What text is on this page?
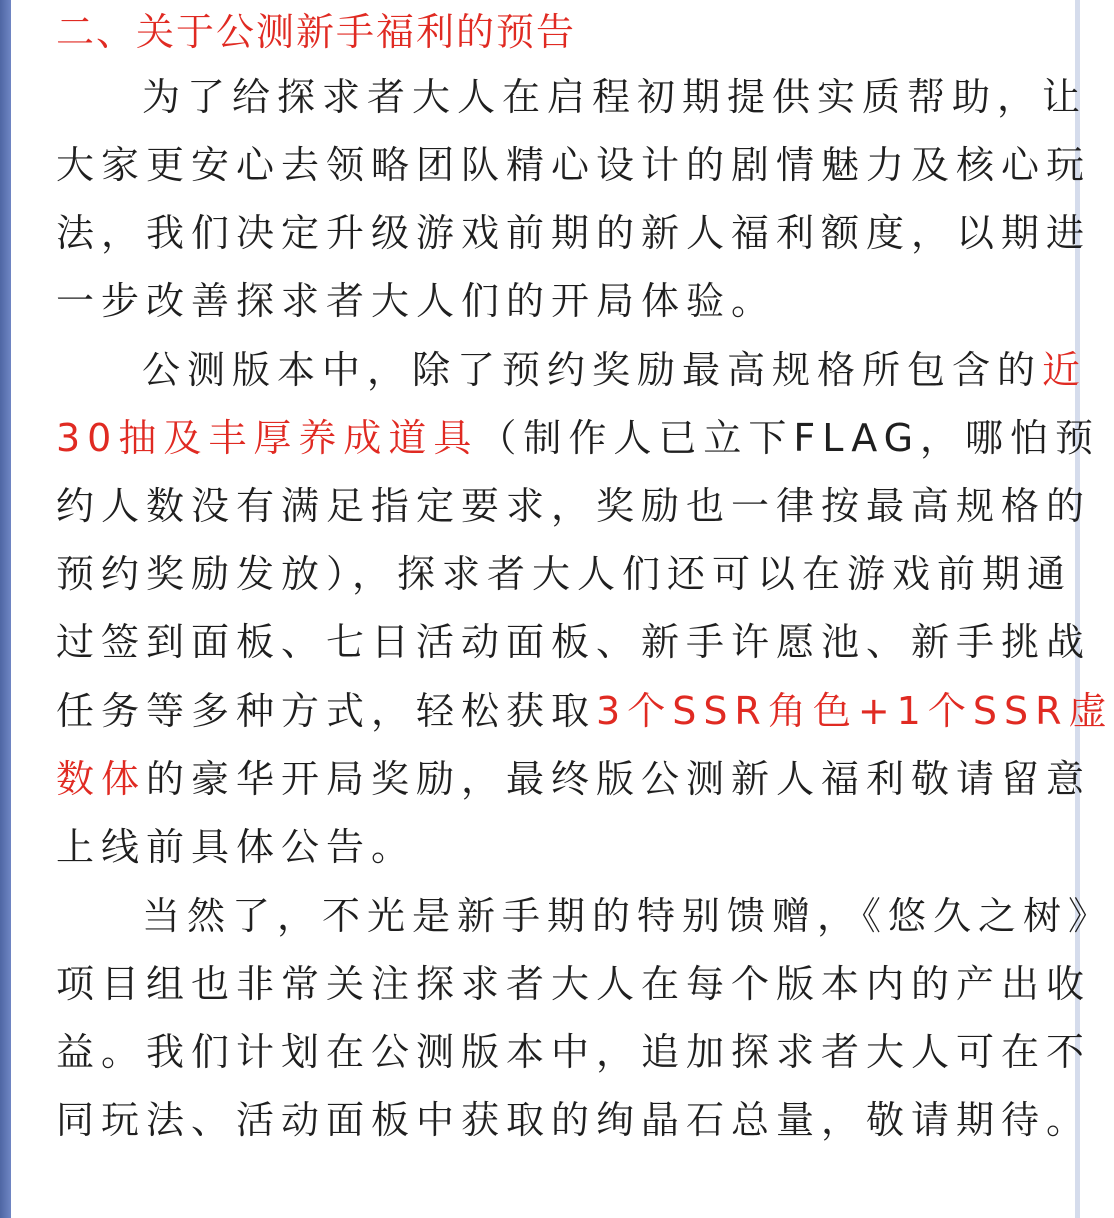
二、关于公测新手福利的预告
为了给探求者大人在启程初期提供实质帮助，让
大家更安心去领略团队精心设计的剧情魅力及核心玩
法，我们决定升级游戏前期的新人福利额度，以期进
一步改善探求者大人们的开局体验。
公测版本中，除了预约奖励最高规格所包含的近
30抽及丰厚养成道具（制作人已立下FLAG，哪怕预
约人数没有满足指定要求，奖励也一律按最高规格的
预约奖励发放），探求者大人们还可以在游戏前期通
过签到面板、七日活动面板、新手许愿池、新手挑战
任务等多种方式，轻松获取3个SSR角色+1个SSR虚
数体的豪华开局奖励，最终版公测新人福利敬请留意
上线前具体公告。
当然了，不光是新手期的特别馈赠，《悠久之树》
项目组也非常关注探求者大人在每个版本内的产出收
益。我们计划在公测版本中，追加探求者大人可在不
同玩法、活动面板中获取的绚晶石总量，敬请期待。
